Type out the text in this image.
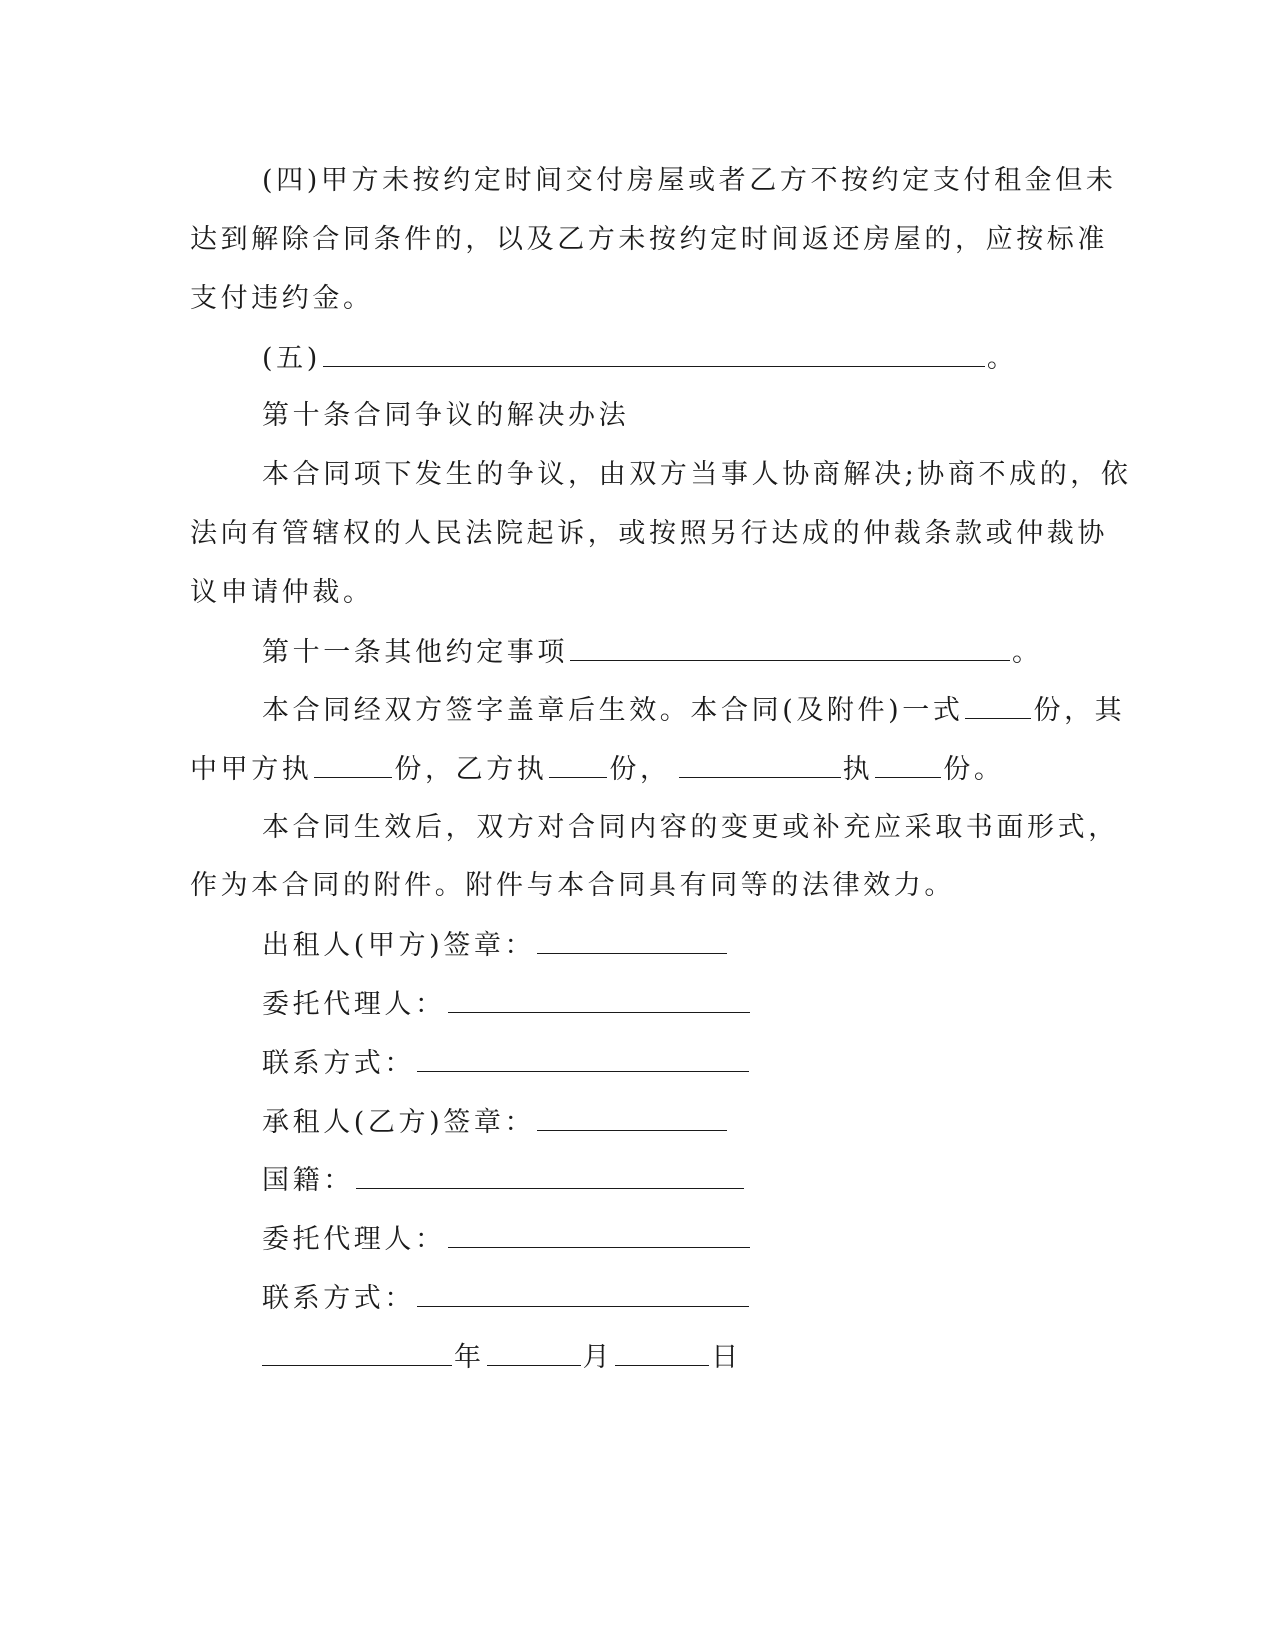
(四)甲方未按约定时间交付房屋或者乙方不按约定支付租金但未
达到解除合同条件的，以及乙方未按约定时间返还房屋的，应按标准
支付违约金。
(五)	。
第十条合同争议的解决办法
本合同项下发生的争议，由双方当事人协商解决;协商不成的，依
法向有管辖权的人民法院起诉，或按照另行达成的仲裁条款或仲裁协
议申请仲裁。
第十一条其他约定事项	。
本合同经双方签字盖章后生效。本合同(及附件)一式	份，其
中甲方执	份，乙方执 份，	执	份。
本合同生效后，双方对合同内容的变更或补充应采取书面形式，
作为本合同的附件。附件与本合同具有同等的法律效力。
出租人(甲方)签章：
委托代理人：
联系方式：
承租人(乙方)签章：
国籍：
委托代理人：
联系方式：
年	月	日
